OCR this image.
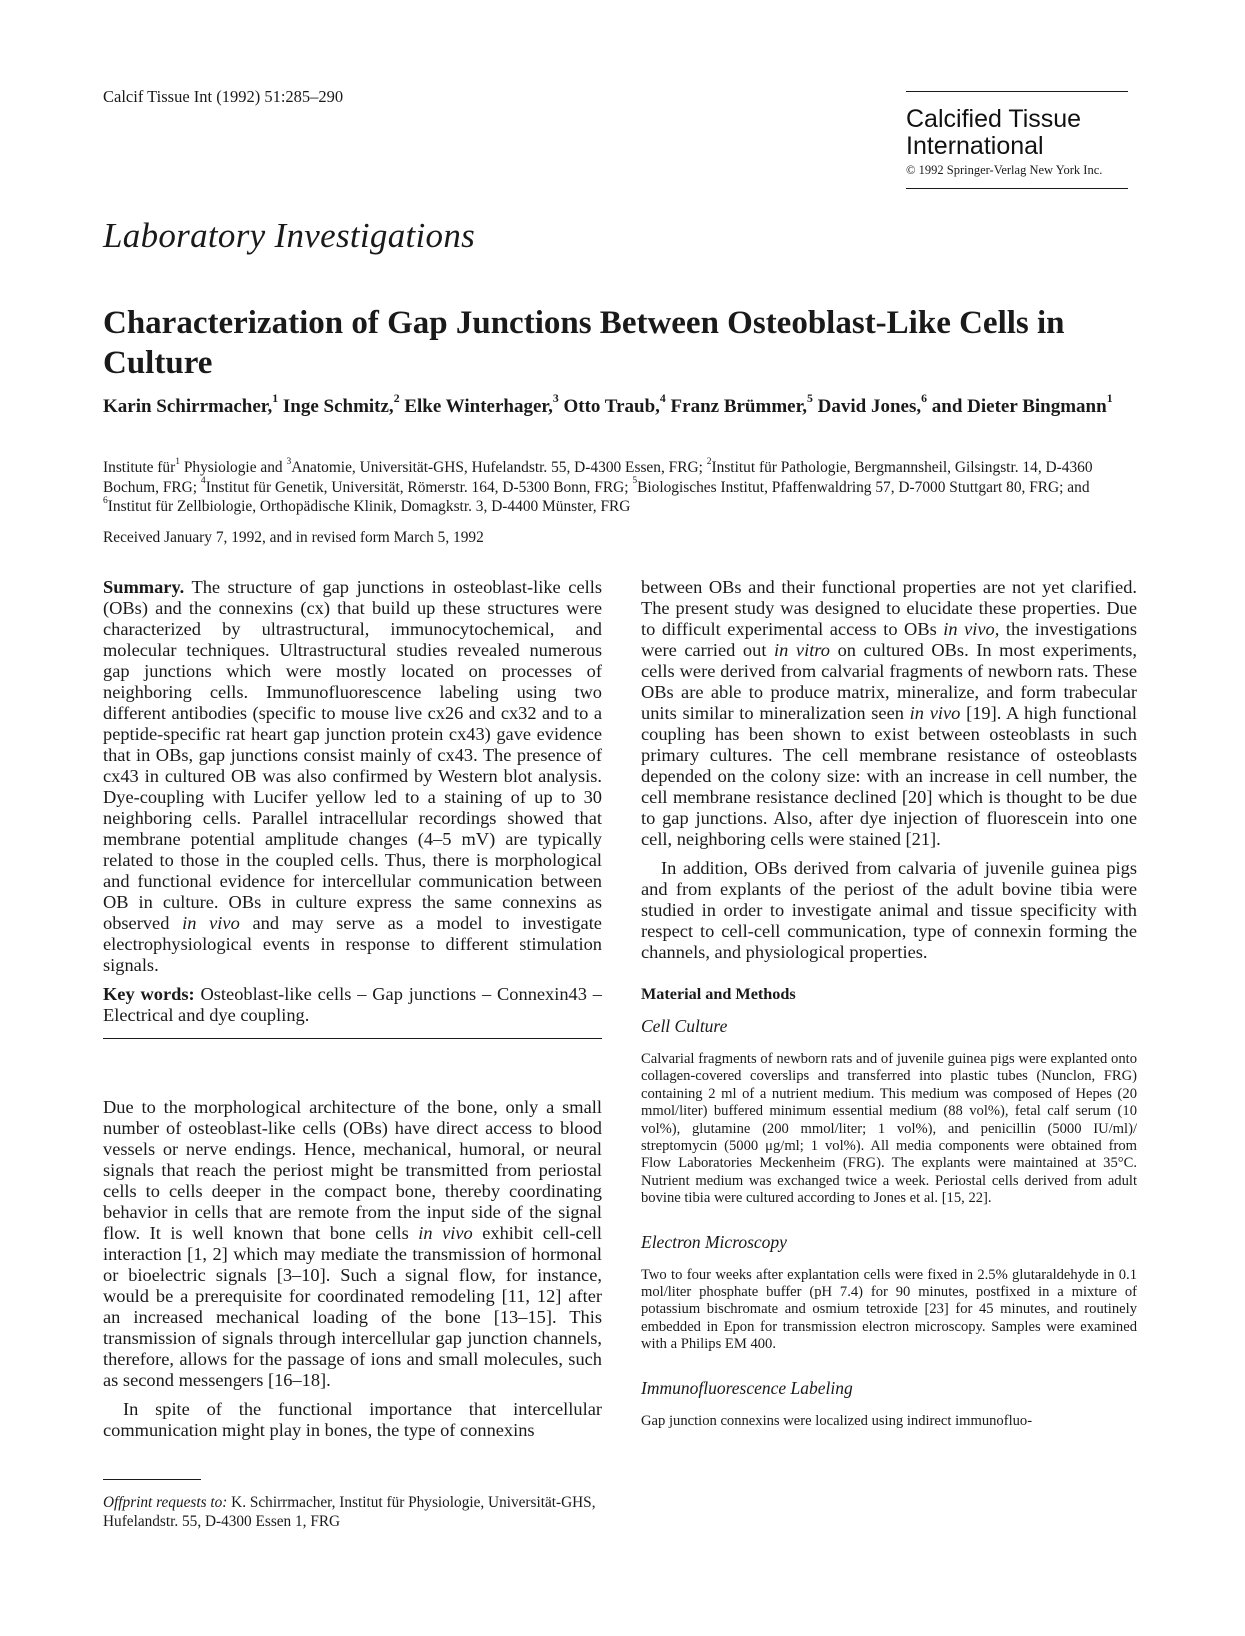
Calcif Tissue Int (1992) 51:285–290
Calcified Tissue
International
© 1992 Springer-Verlag New York Inc.
Laboratory Investigations
Characterization of Gap Junctions Between Osteoblast-Like Cells in Culture
Karin Schirrmacher,$^1$ Inge Schmitz,$^2$ Elke Winterhager,$^3$ Otto Traub,$^4$ Franz Brümmer,$^5$ David Jones,$^6$ and Dieter Bingmann$^1$
Institute für$^1$ Physiologie and $^3$Anatomie, Universität-GHS, Hufelandstr. 55, D-4300 Essen, FRG; $^2$Institut für Pathologie, Bergmannsheil, Gilsingstr. 14, D-4360 Bochum, FRG; $^4$Institut für Genetik, Universität, Römerstr. 164, D-5300 Bonn, FRG; $^5$Biologisches Institut, Pfaffenwaldring 57, D-7000 Stuttgart 80, FRG; and $^6$Institut für Zellbiologie, Orthopädische Klinik, Domagkstr. 3, D-4400 Münster, FRG
Received January 7, 1992, and in revised form March 5, 1992

Summary. The structure of gap junctions in osteoblast-like cells (OBs) and the connexins (cx) that build up these structures were characterized by ultrastructural, immunocytochemical, and molecular techniques. Ultrastructural studies revealed numerous gap junctions which were mostly located on processes of neighboring cells. Immunofluorescence labeling using two different antibodies (specific to mouse live cx26 and cx32 and to a peptide-specific rat heart gap junction protein cx43) gave evidence that in OBs, gap junctions consist mainly of cx43. The presence of cx43 in cultured OB was also confirmed by Western blot analysis. Dye-coupling with Lucifer yellow led to a staining of up to 30 neighboring cells. Parallel intracellular recordings showed that membrane potential amplitude changes (4–5 mV) are typically related to those in the coupled cells. Thus, there is morphological and functional evidence for intercellular communication between OB in culture. OBs in culture express the same connexins as observed in vivo and may serve as a model to investigate electrophysiological events in response to different stimulation signals.

Key words: Osteoblast-like cells – Gap junctions – Connexin43 – Electrical and dye coupling.

Due to the morphological architecture of the bone, only a small number of osteoblast-like cells (OBs) have direct access to blood vessels or nerve endings. Hence, mechanical, humoral, or neural signals that reach the periost might be transmitted from periostal cells to cells deeper in the compact bone, thereby coordinating behavior in cells that are remote from the input side of the signal flow. It is well known that bone cells in vivo exhibit cell-cell interaction [1, 2] which may mediate the transmission of hormonal or bioelectric signals [3–10]. Such a signal flow, for instance, would be a prerequisite for coordinated remodeling [11, 12] after an increased mechanical loading of the bone [13–15]. This transmission of signals through intercellular gap junction channels, therefore, allows for the passage of ions and small molecules, such as second messengers [16–18].

In spite of the functional importance that intercellular communication might play in bones, the type of connexins

Offprint requests to: K. Schirrmacher, Institut für Physiologie, Universität-GHS, Hufelandstr. 55, D-4300 Essen 1, FRG

between OBs and their functional properties are not yet clarified. The present study was designed to elucidate these properties. Due to difficult experimental access to OBs in vivo, the investigations were carried out in vitro on cultured OBs. In most experiments, cells were derived from calvarial fragments of newborn rats. These OBs are able to produce matrix, mineralize, and form trabecular units similar to mineralization seen in vivo [19]. A high functional coupling has been shown to exist between osteoblasts in such primary cultures. The cell membrane resistance of osteoblasts depended on the colony size: with an increase in cell number, the cell membrane resistance declined [20] which is thought to be due to gap junctions. Also, after dye injection of fluorescein into one cell, neighboring cells were stained [21].

In addition, OBs derived from calvaria of juvenile guinea pigs and from explants of the periost of the adult bovine tibia were studied in order to investigate animal and tissue specificity with respect to cell-cell communication, type of connexin forming the channels, and physiological properties.

Material and Methods
Cell Culture

Calvarial fragments of newborn rats and of juvenile guinea pigs were explanted onto collagen-covered coverslips and transferred into plastic tubes (Nunclon, FRG) containing 2 ml of a nutrient medium. This medium was composed of Hepes (20 mmol/liter) buffered minimum essential medium (88 vol%), fetal calf serum (10 vol%), glutamine (200 mmol/liter; 1 vol%), and penicillin (5000 IU/ml)/ streptomycin (5000 μg/ml; 1 vol%). All media components were obtained from Flow Laboratories Meckenheim (FRG). The explants were maintained at 35°C. Nutrient medium was exchanged twice a week. Periostal cells derived from adult bovine tibia were cultured according to Jones et al. [15, 22].

Electron Microscopy

Two to four weeks after explantation cells were fixed in 2.5% glutaraldehyde in 0.1 mol/liter phosphate buffer (pH 7.4) for 90 minutes, postfixed in a mixture of potassium bischromate and osmium tetroxide [23] for 45 minutes, and routinely embedded in Epon for transmission electron microscopy. Samples were examined with a Philips EM 400.

Immunofluorescence Labeling

Gap junction connexins were localized using indirect immunofluo-
